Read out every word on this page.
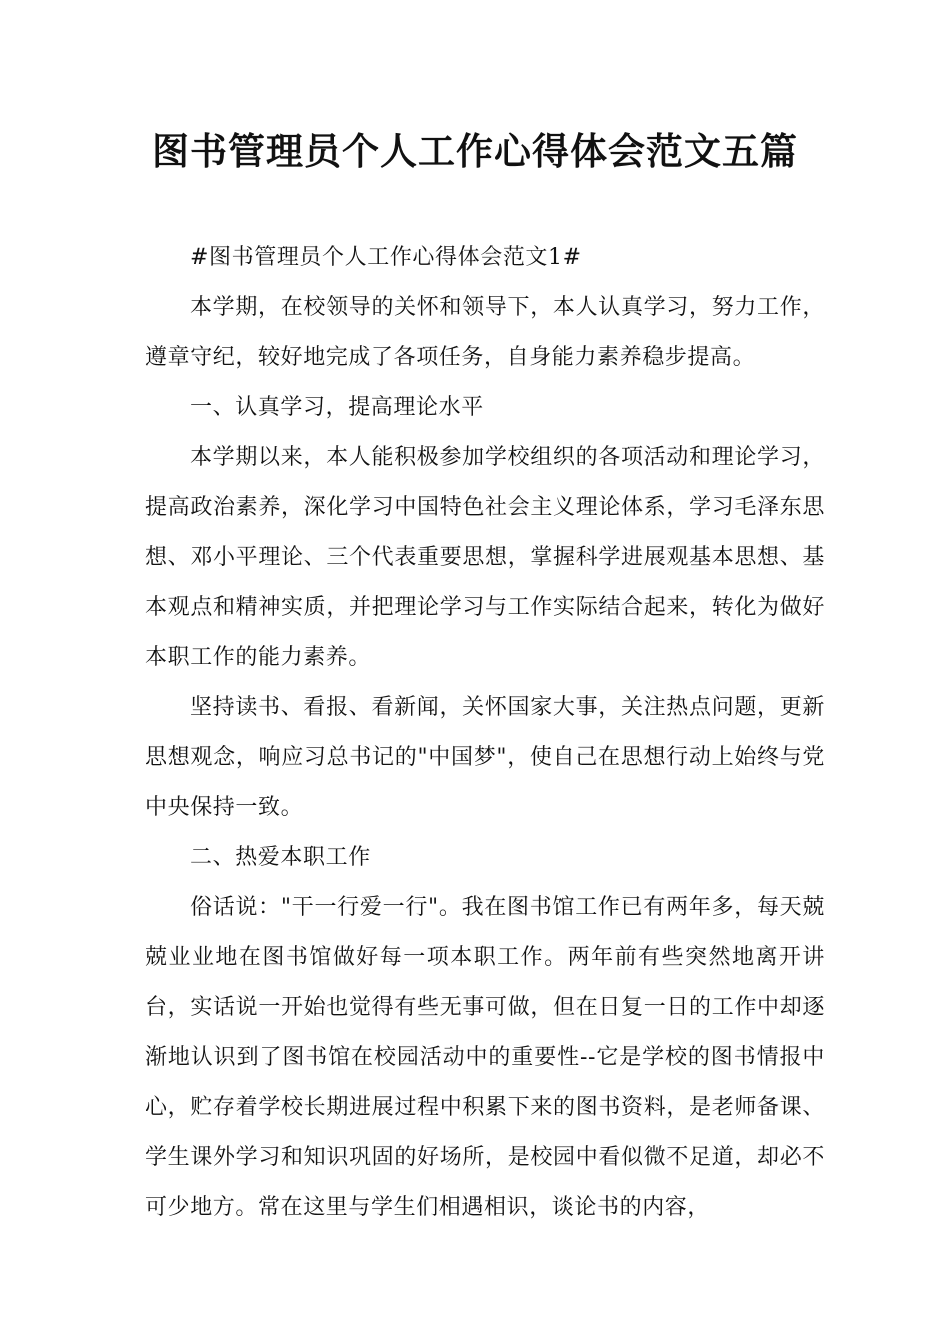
图书管理员个人工作心得体会范文五篇

#图书管理员个人工作心得体会范文1#

本学期，在校领导的关怀和领导下，本人认真学习，努力工作，遵章守纪，较好地完成了各项任务，自身能力素养稳步提高。

一、认真学习，提高理论水平

本学期以来，本人能积极参加学校组织的各项活动和理论学习，提高政治素养，深化学习中国特色社会主义理论体系，学习毛泽东思想、邓小平理论、三个代表重要思想，掌握科学进展观基本思想、基本观点和精神实质，并把理论学习与工作实际结合起来，转化为做好本职工作的能力素养。

坚持读书、看报、看新闻，关怀国家大事，关注热点问题，更新思想观念，响应习总书记的"中国梦"，使自己在思想行动上始终与党中央保持一致。

二、热爱本职工作

俗话说："干一行爱一行"。我在图书馆工作已有两年多，每天兢兢业业地在图书馆做好每一项本职工作。两年前有些突然地离开讲台，实话说一开始也觉得有些无事可做，但在日复一日的工作中却逐渐地认识到了图书馆在校园活动中的重要性--它是学校的图书情报中心，贮存着学校长期进展过程中积累下来的图书资料，是老师备课、学生课外学习和知识巩固的好场所，是校园中看似微不足道，却必不可少地方。常在这里与学生们相遇相识，谈论书的内容，
